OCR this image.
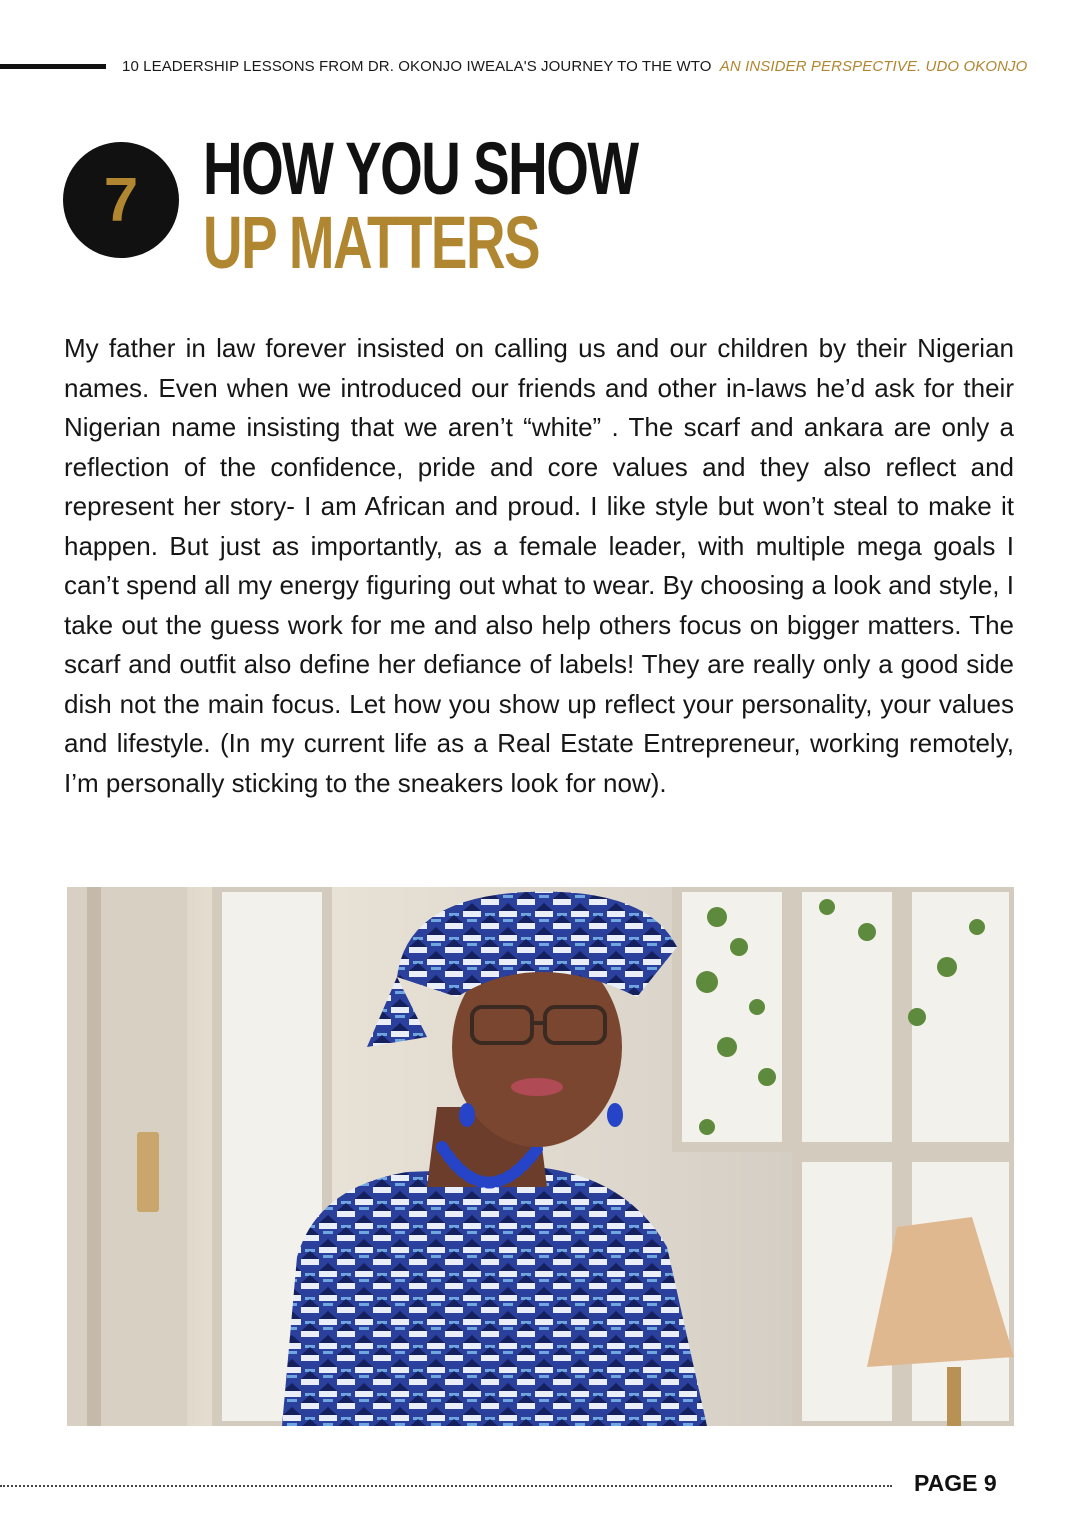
10 LEADERSHIP LESSONS FROM DR. OKONJO IWEALA'S JOURNEY TO THE WTO AN INSIDER PERSPECTIVE. UDO OKONJO
7 HOW YOU SHOW
UP MATTERS
My father in law forever insisted on calling us and our children by their Nigerian names. Even when we introduced our friends and other in-laws he’d ask for their Nigerian name insisting that we aren’t “white” . The scarf and ankara are only a reflection of the confidence, pride and core values and they also reflect and represent her story- I am African and proud. I like style but won’t steal to make it happen. But just as importantly, as a female leader, with multiple mega goals I can’t spend all my energy figuring out what to wear. By choosing a look and style, I take out the guess work for me and also help others focus on bigger matters. The scarf and outfit also define her defiance of labels! They are really only a good side dish not the main focus. Let how you show up reflect your personality, your values and lifestyle. (In my current life as a Real Estate Entrepreneur, working remotely, I’m personally sticking to the sneakers look for now).
PAGE 9
